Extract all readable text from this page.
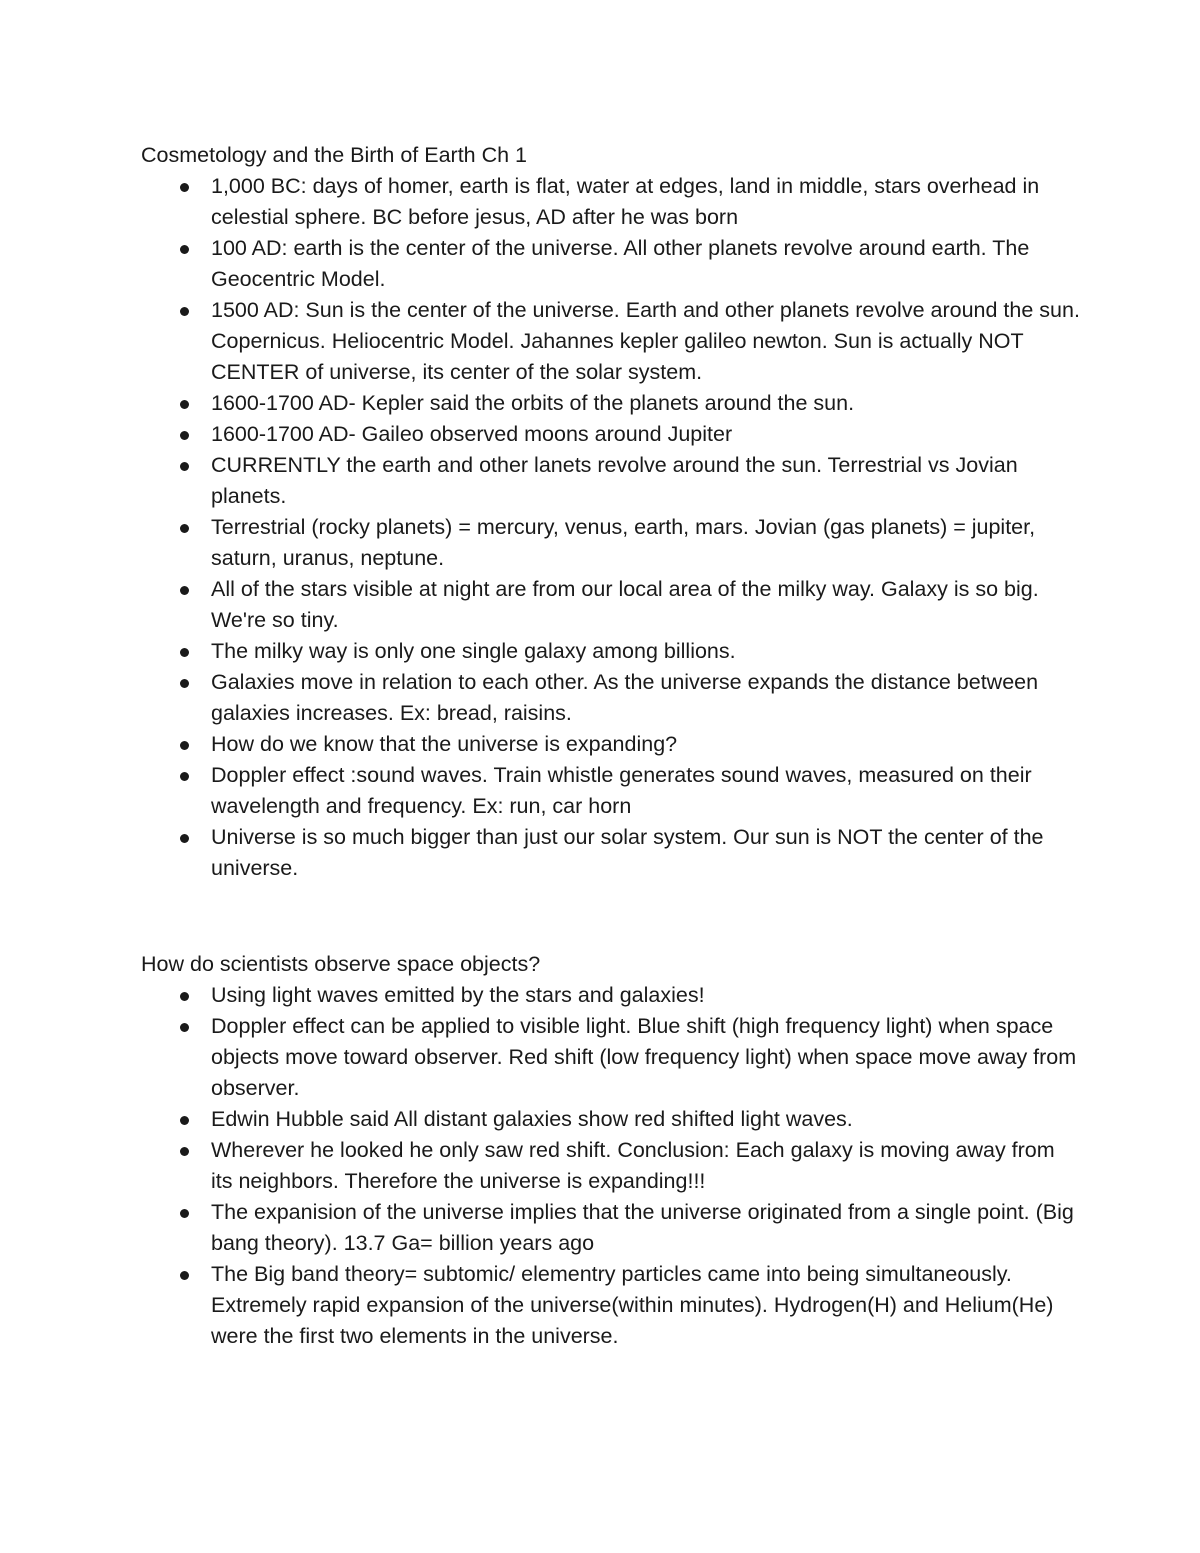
Cosmetology and the Birth of Earth Ch 1

1,000 BC: days of homer, earth is flat, water at edges, land in middle, stars overhead in celestial sphere. BC before jesus, AD after he was born
100 AD: earth is the center of the universe. All other planets revolve around earth. The Geocentric Model.
1500 AD: Sun is the center of the universe. Earth and other planets revolve around the sun. Copernicus. Heliocentric Model. Jahannes kepler galileo newton. Sun is actually NOT CENTER of universe, its center of the solar system.
1600-1700 AD- Kepler said the orbits of the planets around the sun.
1600-1700 AD- Gaileo observed moons around Jupiter
CURRENTLY the earth and other lanets revolve around the sun. Terrestrial vs Jovian planets.
Terrestrial (rocky planets) = mercury, venus, earth, mars. Jovian (gas planets) = jupiter, saturn, uranus, neptune.
All of the stars visible at night are from our local area of the milky way. Galaxy is so big. We're so tiny.
The milky way is only one single galaxy among billions.
Galaxies move in relation to each other. As the universe expands the distance between galaxies increases. Ex: bread, raisins.
How do we know that the universe is expanding?
Doppler effect :sound waves. Train whistle generates sound waves, measured on their wavelength and frequency. Ex: run, car horn
Universe is so much bigger than just our solar system. Our sun is NOT the center of the universe.

How do scientists observe space objects?

Using light waves emitted by the stars and galaxies!
Doppler effect can be applied to visible light. Blue shift (high frequency light) when space objects move toward observer. Red shift (low frequency light) when space move away from observer.
Edwin Hubble said All distant galaxies show red shifted light waves.
Wherever he looked he only saw red shift. Conclusion: Each galaxy is moving away from its neighbors. Therefore the universe is expanding!!!
The expanision of the universe implies that the universe originated from a single point. (Big bang theory). 13.7 Ga= billion years ago
The Big band theory= subtomic/ elementry particles came into being simultaneously. Extremely rapid expansion of the universe(within minutes). Hydrogen(H) and Helium(He) were the first two elements in the universe.
